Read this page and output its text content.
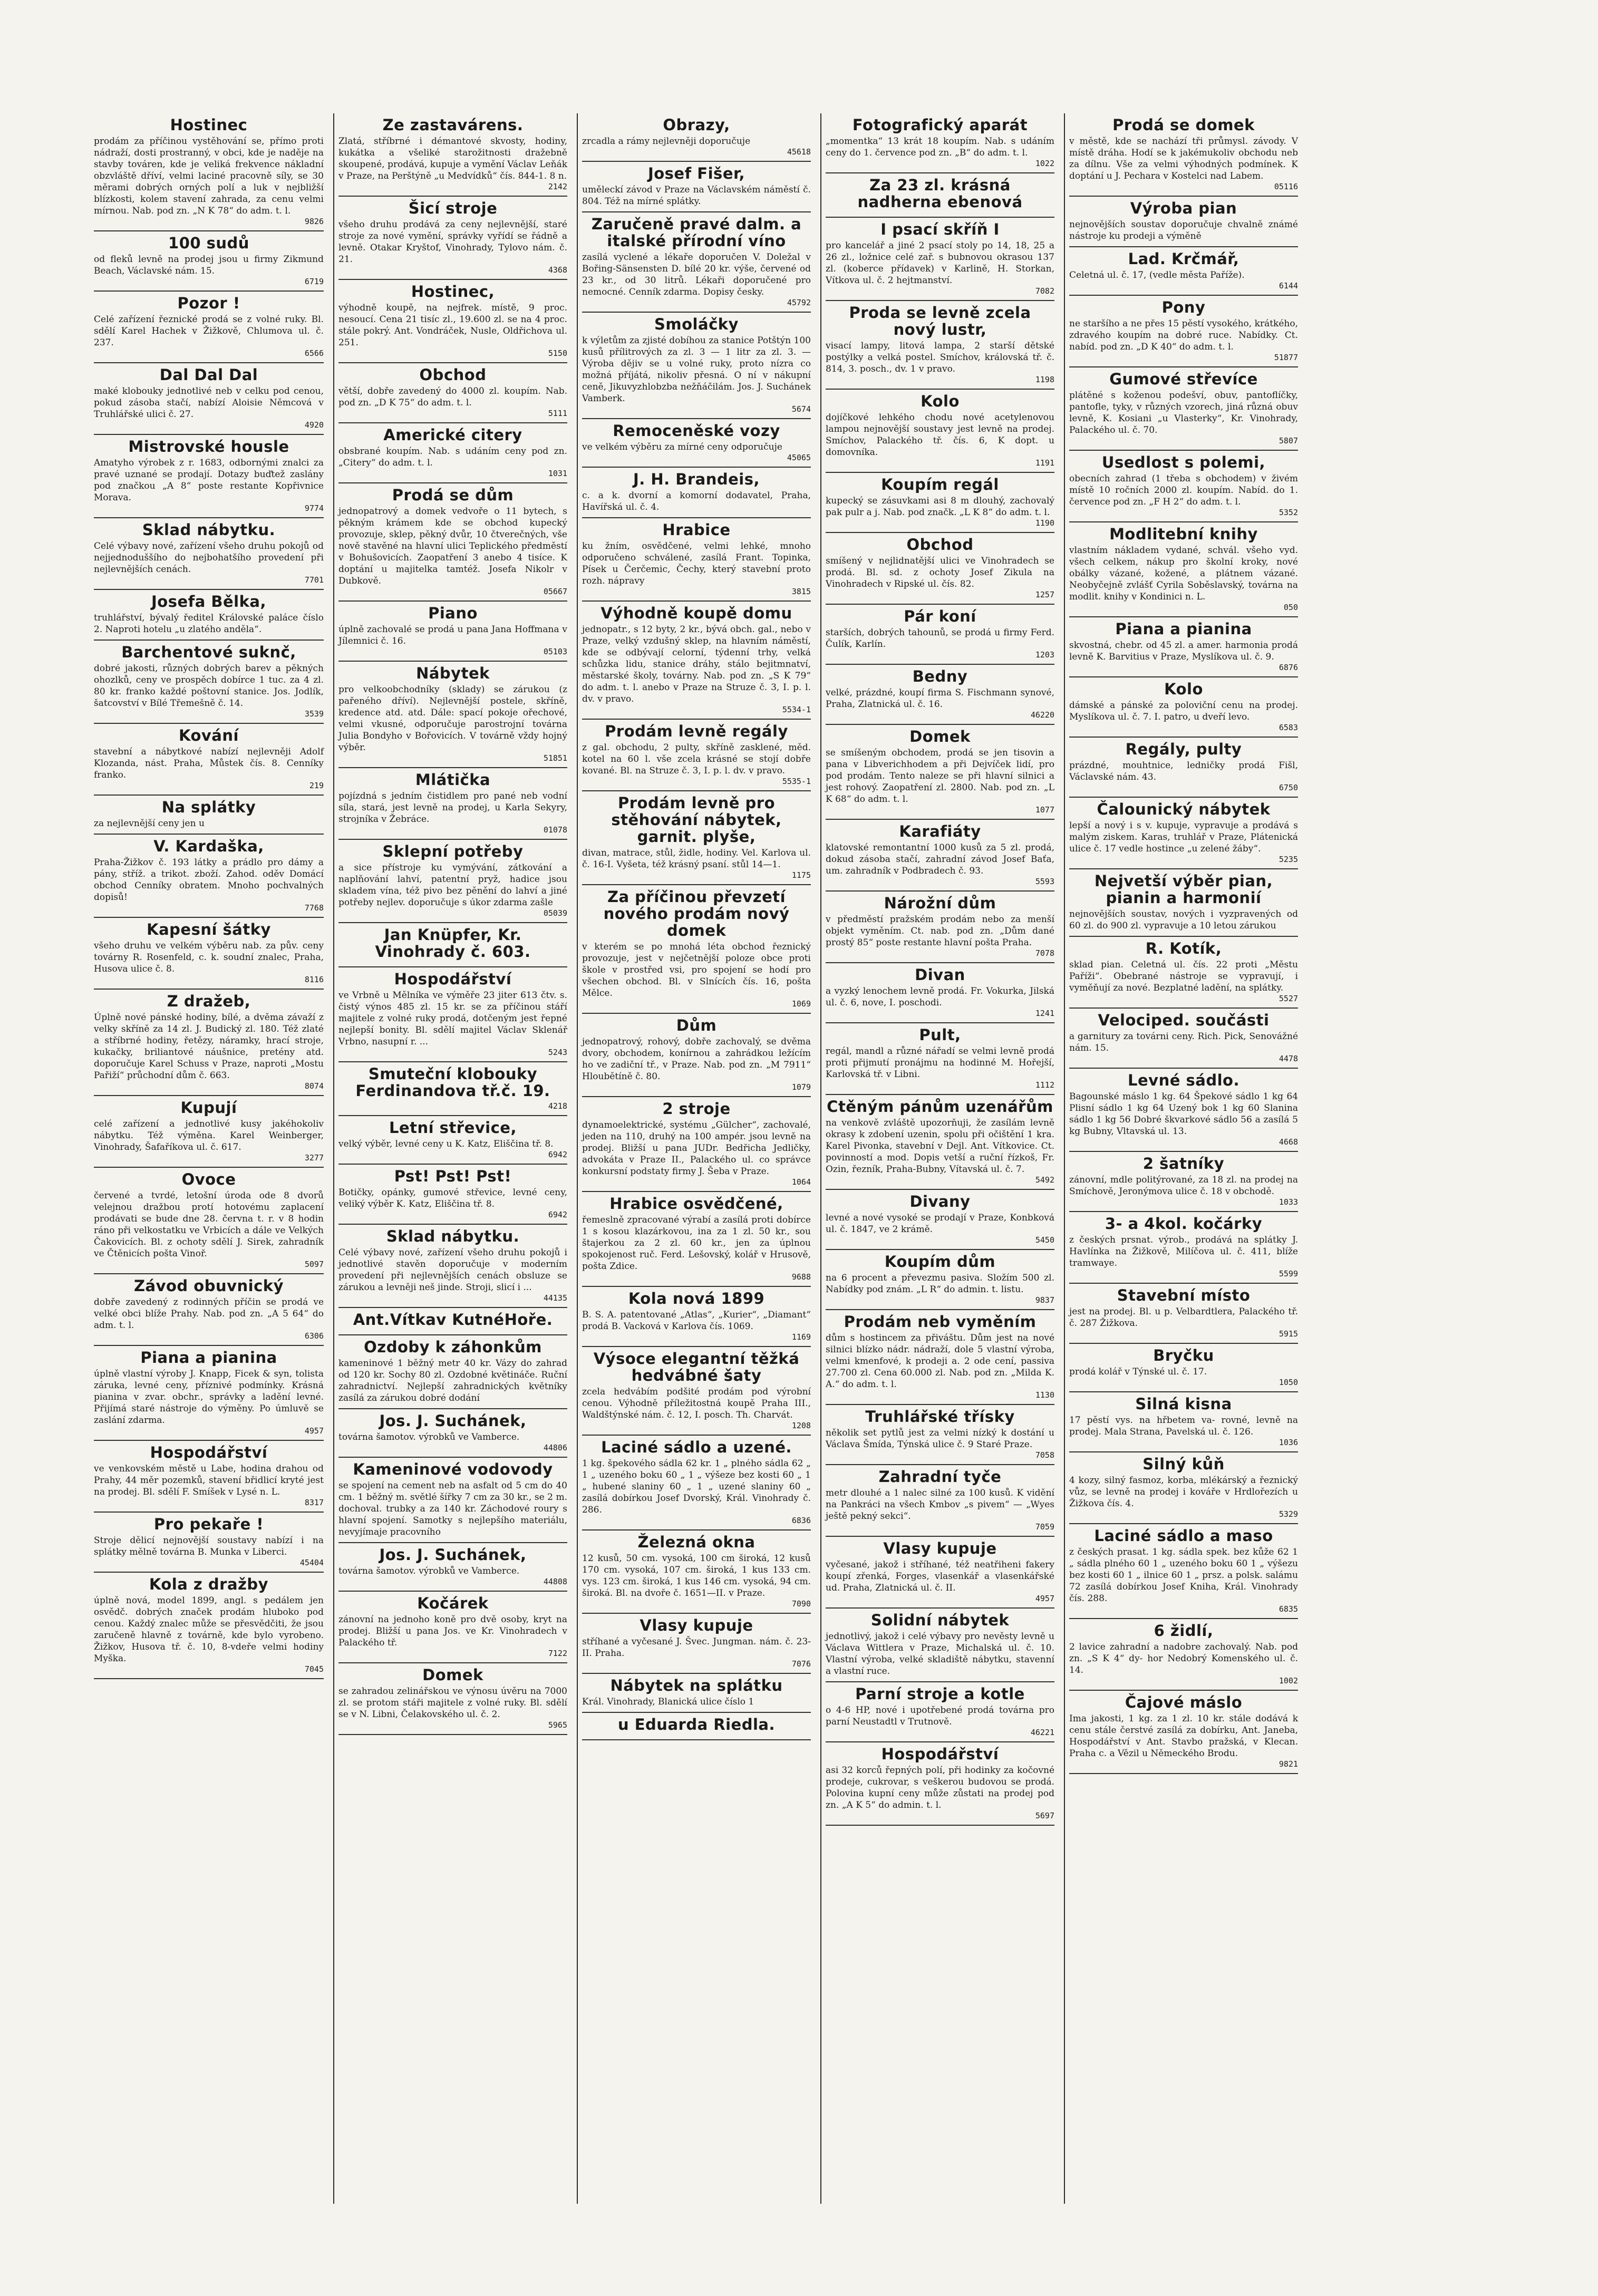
Hostinec

prodám za příčinou vystěhování se, přímo proti nádraží, dosti prostranný, v obci, kde je naděje na stavby továren, kde je veliká frekvence nákladní obzvláště dříví, velmi laciné pracovně síly, se 30 měrami dobrých orných polí a luk v nejbližší blízkosti, kolem stavení zahrada, za cenu velmi mírnou. Nab. pod zn. „N K 78“ do adm. t. l.

9826
100 sudů

od fleků levně na prodej jsou u firmy Zikmund Beach, Václavské nám. 15.

6719
Pozor !

Celé zařízení řeznické prodá se z volné ruky. Bl. sdělí Karel Hachek v Žižkově, Chlumova ul. č. 237.

6566
Dal Dal Dal

maké klobouky jednotlivé neb v celku pod cenou, pokud zásoba stačí, nabízí Aloisie Němcová v Truhlářské ulici č. 27.

4920
Mistrovské housle

Amatyho výrobek z r. 1683, odbornými znalci za pravé uznané se prodají. Dotazy buďtež zaslány pod značkou „A 8“ poste restante Kopřivnice Morava.

9774
Sklad nábytku.

Celé výbavy nové, zařízení všeho druhu pokojů od nejjednoduššího do nejbohatšího provedení při nejlevnějších cenách.

7701
Josefa Bělka,

truhlářství, bývalý ředitel Královské paláce číslo 2. Naproti hotelu „u zlatého anděla“.

Barchentové suknč,

dobré jakosti, různých dobrých barev a pěkných ohozlků, ceny ve prospěch dobírce 1 tuc. za 4 zl. 80 kr. franko každé poštovní stanice. Jos. Jodlík, šatcovství v Bílé Třemešně č. 14.

3539
Kování

stavební a nábytkové nabízí nejlevněji Adolf Klozanda, nást. Praha, Můstek čís. 8. Cenníky franko.

219
Na splátky

za nejlevnější ceny jen u

V. Kardaška,

Praha-Žižkov č. 193 látky a prádlo pro dámy a pány, stříž. a trikot. zboží. Zahod. oděv Domácí obchod Cenníky obratem. Mnoho pochvalných dopisů!

7768
Kapesní šátky

všeho druhu ve velkém výběru nab. za pův. ceny továrny R. Rosenfeld, c. k. soudní znalec, Praha, Husova ulice č. 8.

8116
Z dražeb,

Úplně nové pánské hodiny, bílé, a dvěma závaží z velky skříně za 14 zl. J. Budický zl. 180. Též zlaté a stříbrné hodiny, řetězy, náramky, hrací stroje, kukačky, briliantové náušnice, pretény atd. doporučuje Karel Schuss v Praze, naproti „Mostu Pařiží“ průchodní dům č. 663.

8074
Kupují

celé zařízení a jednotlivé kusy jakéhokoliv nábytku. Též výměna. Karel Weinberger, Vinohrady, Šafaříkova ul. č. 617.

3277
Ovoce

červené a tvrdé, letošní úroda ode 8 dvorů velejnou dražbou protí hotovému zaplacení prodávati se bude dne 28. června t. r. v 8 hodin ráno při velkostatku ve Vrbicích a dále ve Velkých Čakovicích. Bl. z ochoty sdělí J. Sirek, zahradník ve Čtěnicích pošta Vinoř.

5097
Závod obuvnický

dobře zavedený z rodinných příčin se prodá ve velké obci blíže Prahy. Nab. pod zn. „A 5 64“ do adm. t. l.

6306
Piana a pianina

úplně vlastní výroby J. Knapp, Ficek & syn, tolista záruka, levné ceny, příznivé podmínky. Krásná pianina v zvar. obchr., správky a ladění levné. Přijímá staré nástroje do výměny. Po úmluvě se zaslání zdarma.

4957
Hospodářství

ve venkovském městě u Labe, hodina drahou od Prahy, 44 měr pozemků, stavení břidlicí kryté jest na prodej. Bl. sdělí F. Smíšek v Lysé n. L.

8317
Pro pekaře !

Stroje dělicí nejnovější soustavy nabízí i na splátky mělně továrna B. Munka v Liberci.

45404
Kola z dražby

úplně nová, model 1899, angl. s pedálem jen osvědč. dobrých značek prodám hluboko pod cenou. Každý znalec může se přesvědčiti, že jsou zaručeně hlavně z továrně, kde bylo vyrobeno. Žižkov, Husova tř. č. 10, 8-vdeře velmi hodiny Myška.

7045
Ze zastavárens.

Zlatá, stříbrné i démantové skvosty, hodiny, kukátka a všeliké starožitnosti dražebně skoupené, prodává, kupuje a vymění Václav Leňák v Praze, na Perštýně „u Medvídků“ čís. 844-1. 8 n.

2142
Šicí stroje

všeho druhu prodává za ceny nejlevnější, staré stroje za nové vymění, správky vyřídí se řádně a levně. Otakar Kryštof, Vinohrady, Tylovo nám. č. 21.

4368
Hostinec,

výhodně koupě, na nejfrek. místě, 9 proc. nesoucí. Cena 21 tisíc zl., 19.600 zl. se na 4 proc. stále pokrý. Ant. Vondráček, Nusle, Oldřichova ul. 251.

5150
Obchod

větší, dobře zavedený do 4000 zl. koupím. Nab. pod zn. „D K 75“ do adm. t. l.

5111
Americké citery

obsbrané koupím. Nab. s udáním ceny pod zn. „Citery“ do adm. t. l.

1031
Prodá se dům

jednopatrový a domek vedvoře o 11 bytech, s pěkným krámem kde se obchod kupecký provozuje, sklep, pěkný dvůr, 10 čtverečných, vše nově stavěné na hlavní ulici Teplického předměstí v Bohušovicích. Zaopatření 3 anebo 4 tisíce. K doptání u majitelka tamtéž. Josefa Nikolr v Dubkově.

05667
Piano

úplně zachovalé se prodá u pana Jana Hoffmana v Jílemnici č. 16.

05103
Nábytek

pro velkoobchodníky (sklady) se zárukou (z pařeného dříví). Nejlevnější postele, skříně, kredence atd. atd. Dále: spací pokoje ořechové, velmi vkusné, odporučuje parostrojní továrna Julia Bondyho v Bořovicích. V továrně vždy hojný výběr.

51851
Mlátička

pojízdná s jedním čistidlem pro pané neb vodní síla, stará, jest levně na prodej, u Karla Sekyry, strojníka v Žebráce.

01078
Sklepní potřeby

a sice přístroje ku vymývání, zátkování a naplňování lahví, patentní pryž, hadice jsou skladem vína, též pivo bez pěnění do lahví a jiné potřeby nejlev. doporučuje s úkor zdarma zašle

05039
Jan Knüpfer, Kr. Vinohrady č. 603.
Hospodářství

ve Vrbně u Mělníka ve výměře 23 jiter 613 čtv. s. čistý výnos 485 zl. 15 kr. se za příčinou stáří majitele z volné ruky prodá, dotčeným jest řepné nejlepší bonity. Bl. sdělí majitel Václav Sklenář Vrbno, nasupní r. ...

5243
Smuteční klobouky Ferdinandova tř.č. 19.
4218
Letní střevice,

velký výběr, levné ceny u K. Katz, Eliščina tř. 8.

6942
Pst! Pst! Pst!

Botičky, opánky, gumové střevice, levné ceny, veliký výběr K. Katz, Eliščina tř. 8.

6942
Sklad nábytku.

Celé výbavy nové, zařízení všeho druhu pokojů i jednotlivé stavěn doporučuje v moderním provedení při nejlevnějších cenách obsluze se zárukou a levněji neš jinde. Stroji, slicí i ...

44135
Ant.Vítkav KutnéHoře.
Ozdoby k záhonkům

kameninové 1 běžný metr 40 kr. Vázy do zahrad od 120 kr. Sochy 80 zl. Ozdobné květináče. Ruční zahradnictví. Nejlepší zahradnických květníky zasílá za zárukou dobré dodání

Jos. J. Suchánek,

továrna šamotov. výrobků ve Vamberce.

44806
Kameninové vodovody

se spojení na cement neb na asfalt od 5 cm do 40 cm. 1 běžný m. světlé šířky 7 cm za 30 kr., se 2 m. dochoval. trubky a za 140 kr. Záchodové roury s hlavní spojení. Samotky s nejlepšího materiálu, nevyjímaje pracovního

Jos. J. Suchánek,

továrna šamotov. výrobků ve Vamberce.

44808
Kočárek

zánovní na jednoho koně pro dvě osoby, kryt na prodej. Bližší u pana Jos. ve Kr. Vinohradech v Palackého tř.

7122
Domek

se zahradou zelinářskou ve výnosu úvěru na 7000 zl. se protom stáři majitele z volné ruky. Bl. sdělí se v N. Libni, Čelakovského ul. č. 2.

5965
Obrazy,

zrcadla a rámy nejlevněji doporučuje

45618
Josef Fišer,

uměleckí závod v Praze na Václavském náměstí č. 804. Též na mírné splátky.

Zaručeně pravé dalm. a italské přírodní víno

zasílá vyclené a lékaře doporučen V. Doležal v Bořing-Sänsensten D. bílé 20 kr. výše, červené od 23 kr., od 30 litrů. Lékaři doporučené pro nemocné. Cenník zdarma. Dopisy česky.

45792
Smoláčky

k výletům za zjisté dobíhou za stanice Potštýn 100 kusů přílitrových za zl. 3 — 1 litr za zl. 3. — Výroba dějiv se u volné ruky, proto nízra co možná příjátá, nikoliv přesná. O ní v nákupní ceně, Jikuvyzhlobzba nežňáčilám. Jos. J. Suchánek Vamberk.

5674
Remoceněské vozy

ve velkém výběru za mírné ceny odporučuje

45065
J. H. Brandeis,

c. a k. dvorní a komorní dodavatel, Praha, Havířská ul. č. 4.

Hrabice

ku žním, osvědčené, velmi lehké, mnoho odporučeno schválené, zasílá Frant. Topinka, Písek u Čerčemic, Čechy, který stavební proto rozh. nápravy

3815
Výhodně koupě domu

jednopatr., s 12 byty, 2 kr., bývá obch. gal., nebo v Praze, velký vzdušný sklep, na hlavním náměstí, kde se odbývají celorní, týdenní trhy, velká schůzka lidu, stanice dráhy, stálo bejitmnatví, městarské školy, továrny. Nab. pod zn. „S K 79“ do adm. t. l. anebo v Praze na Struze č. 3, I. p. l. dv. v pravo.

5534-1
Prodám levně regály

z gal. obchodu, 2 pulty, skříně zasklené, měd. kotel na 60 l. vše zcela krásné se stojí dobře kované. Bl. na Struze č. 3, I. p. l. dv. v pravo.

5535-1
Prodám levně pro stěhování nábytek, garnit. plyše,

divan, matrace, stůl, židle, hodiny. Vel. Karlova ul. č. 16-I. Vyšeta, též krásný psaní. stůl 14—1.

1175
Za příčinou převzetí nového prodám nový domek

v kterém se po mnohá léta obchod řeznický provozuje, jest v nejčetnější poloze obce proti škole v prostřed vsi, pro spojení se hodí pro všechen obchod. Bl. v Slnících čís. 16, pošta Mělce.

1069
Dům

jednopatrový, rohový, dobře zachovalý, se dvěma dvory, obchodem, konírnou a zahrádkou ležícím ho ve zadiční tř., v Praze. Nab. pod zn. „M 7911“ Hloubětíně č. 80.

1079
2 stroje

dynamoelektrické, systému „Gülcher“, zachovalé, jeden na 110, druhý na 100 ampér. jsou levně na prodej. Bližší u pana JUDr. Bedřicha Jedličky, advokáta v Praze II., Palackého ul. co správce konkursní podstaty firmy J. Šeba v Praze.

1064
Hrabice osvědčené,

řemeslně zpracované výrabí a zasílá proti dobírce 1 s kosou klazárkovou, ina za 1 zl. 50 kr., sou štajerkou za 2 zl. 60 kr., jen za úplnou spokojenost ruč. Ferd. Lešovský, kolář v Hrusově, pošta Zdice.

9688
Kola nová 1899

B. S. A. patentované „Atlas“, „Kurier“, „Diamant“ prodá B. Vacková v Karlova čís. 1069.

1169
Výsoce elegantní těžká hedvábné šaty

zcela hedvábím podšité prodám pod výrobní cenou. Výhodně příležitostná koupě Praha III., Waldštýnské nám. č. 12, I. posch. Th. Charvát.

1208
Laciné sádlo a uzené.

1 kg. špekového sádla 62 kr. 1 „ plného sádla 62 „ 1 „ uzeného boku 60 „ 1 „ výšeze bez kosti 60 „ 1 „ hubené slaniny 60 „ 1 „ uzené slaniny 60 „ zasílá dobírkou Josef Dvorský, Král. Vinohrady č. 286.

6836
Železná okna

12 kusů, 50 cm. vysoká, 100 cm široká, 12 kusů 170 cm. vysoká, 107 cm. široká, 1 kus 133 cm. vys. 123 cm. široká, 1 kus 146 cm. vysoká, 94 cm. široká. Bl. na dvoře č. 1651—II. v Praze.

7090
Vlasy kupuje

stříhané a vyčesané J. Švec. Jungman. nám. č. 23-II. Praha.

7076
Nábytek na splátku

Král. Vinohrady, Blanická ulice číslo 1

u Eduarda Riedla.
Fotografický aparát

„momentka“ 13 krát 18 koupím. Nab. s udáním ceny do 1. července pod zn. „B“ do adm. t. l.

1022
Za 23 zl. krásná nadherna ebenová
I psací skříň I

pro kancelář a jiné 2 psací stoly po 14, 18, 25 a 26 zl., ložnice celé zař. s bubnovou okrasou 137 zl. (koberce přídavek) v Karlině, H. Storkan, Vítkova ul. č. 2 hejtmanství.

7082
Proda se levně zcela nový lustr,

visací lampy, litová lampa, 2 starší dětské postýlky a velká postel. Smíchov, královská tř. č. 814, 3. posch., dv. 1 v pravo.

1198
Kolo

dojíčkové lehkého chodu nové acetylenovou lampou nejnovější soustavy jest levně na prodej. Smíchov, Palackého tř. čís. 6, K dopt. u domovníka.

1191
Koupím regál

kupecký se zásuvkami asi 8 m dlouhý, zachovalý pak pulr a j. Nab. pod značk. „L K 8“ do adm. t. l.

1190
Obchod

smíšený v nejlidnatější ulici ve Vinohradech se prodá. Bl. sd. z ochoty Josef Zikula na Vinohradech v Ripské ul. čís. 82.

1257
Pár koní

starších, dobrých tahounů, se prodá u firmy Ferd. Čulík, Karlín.

1203
Bedny

velké, prázdné, koupí firma S. Fischmann synové, Praha, Zlatnická ul. č. 16.

46220
Domek

se smíšeným obchodem, prodá se jen tisovin a pana v Libverichhodem a při Dejvíček lidí, pro pod prodám. Tento naleze se při hlavní silnici a jest rohový. Zaopatření zl. 2800. Nab. pod zn. „L K 68“ do adm. t. l.

1077
Karafiáty

klatovské remontantní 1000 kusů za 5 zl. prodá, dokud zásoba stačí, zahradní závod Josef Baťa, um. zahradník v Podbradech č. 93.

5593
Nárožní dům

v předměstí pražském prodám nebo za menší objekt vyměním. Ct. nab. pod zn. „Dům dané prostý 85“ poste restante hlavní pošta Praha.

7078
Divan

a vyzký lenochem levně prodá. Fr. Vokurka, Jilská ul. č. 6, nove, I. poschodi.

1241
Pult,

regál, mandl a různé nářadí se velmi levně prodá proti přijmutí pronájmu na hodinné M. Hořejší, Karlovská tř. v Libni.

1112
Ctěným pánům uzenářům

na venkově zvláště upozorňuji, že zasílám levně okrasy k zdobení uzenin, spolu při očištění 1 kra. Karel Pivonka, stavební v Dejl. Ant. Vítkovice. Ct. povinností a mod. Dopis vetší a ruční řízkoš, Fr. Ozin, řezník, Praha-Bubny, Vítavská ul. č. 7.

5492
Divany

levné a nové vysoké se prodají v Praze, Konbková ul. č. 1847, ve 2 krámě.

5450
Koupím dům

na 6 procent a převezmu pasiva. Složím 500 zl. Nabídky pod znám. „L R“ do admin. t. listu.

9837
Prodám neb vyměním

dům s hostincem za přiváštu. Dům jest na nové silnici blízko nádr. nádraží, dole 5 vlastní výroba, velmi kmenfové, k prodeji a. 2 ode cení, passiva 27.700 zl. Cena 60.000 zl. Nab. pod zn. „Milda K. A.“ do adm. t. l.

1130
Truhlářské třísky

několik set pytlů jest za velmi nízký k dostání u Václava Šmída, Týnská ulice č. 9 Staré Praze.

7058
Zahradní tyče

metr dlouhé a 1 nalec silné za 100 kusů. K vidění na Pankráci na všech Kmbov „s pivem“ — „Wyes ještě pekný sekci“.

7059
Vlasy kupuje

vyčesané, jakož i stříhané, též neatřiheni fakery koupí zřenká, Forges, vlasenkář a vlasenkářské ud. Praha, Zlatnická ul. č. II.

4957
Solidní nábytek

jednotlivý, jakož i celé výbavy pro nevěsty levně u Václava Wittlera v Praze, Michalská ul. č. 10. Vlastní výroba, velké skladiště nábytku, stavenní a vlastní ruce.

Parní stroje a kotle

o 4-6 HP, nové i upotřebené prodá továrna pro parní Neustadtl v Trutnově.

46221
Hospodářství

asi 32 korců řepných polí, při hodinky za kočovné prodeje, cukrovar, s veškerou budovou se prodá. Polovina kupní ceny může zůstati na prodej pod zn. „A K 5“ do admin. t. l.

5697
Prodá se domek

v městě, kde se nachází tři průmysl. závody. V místě dráha. Hodí se k jakémukoliv obchodu neb za dílnu. Vše za velmi výhodných podmínek. K doptání u J. Pechara v Kostelci nad Labem.

05116
Výroba pian

nejnovějších soustav doporučuje chvalně známé nástroje ku prodeji a výměně

Lad. Krčmář,

Celetná ul. č. 17, (vedle města Paříže).

6144
Pony

ne staršího a ne přes 15 pěstí vysokého, krátkého, zdravého koupím na dobré ruce. Nabídky. Ct. nabíd. pod zn. „D K 40“ do adm. t. l.

51877
Gumové střevíce

plátěné s koženou podešví, obuv, pantoflíčky, pantofle, tyky, v různých vzorech, jiná různá obuv levně, K. Kosiani „u Vlasterky“, Kr. Vinohrady, Palackého ul. č. 70.

5807
Usedlost s polemi,

obecních zahrad (1 třeba s obchodem) v živém místě 10 ročních 2000 zl. koupím. Nabíd. do 1. července pod zn. „F H 2“ do adm. t. l.

5352
Modlitební knihy

vlastním nákladem vydané, schvál. všeho vyd. všech celkem, nákup pro školní kroky, nové obálky vázané, kožené, a plátnem vázané. Neobyčejně zvlášť Cyrila Soběslavský, továrna na modlit. knihy v Kondinici n. L.

050
Piana a pianina

skvostná, chebr. od 45 zl. a amer. harmonia prodá levně K. Barvitius v Praze, Myslíkova ul. č. 9.

6876
Kolo

dámské a pánské za poloviční cenu na prodej. Myslíkova ul. č. 7. I. patro, u dveří levo.

6583
Regály, pulty

prázdné, mouhtnice, ledničky prodá Fišl, Václavské nám. 43.

6750
Čalounický nábytek

lepší a nový i s v. kupuje, vypravuje a prodává s malým ziskem. Karas, truhlář v Praze, Plátenická ulice č. 17 vedle hostince „u zelené žáby“.

5235
Nejvetší výběr pian, pianin a harmonií

nejnovějších soustav, nových i vyzpravených od 60 zl. do 900 zl. vypravuje a 10 letou zárukou

R. Kotík,

sklad pian. Celetná ul. čís. 22 proti „Městu Paříži“. Obebrané nástroje se vypravují, i vyměňují za nové. Bezplatné ladění, na splátky.

5527
Velociped. součásti

a garnitury za továrni ceny. Rich. Pick, Senovážné nám. 15.

4478
Levné sádlo.

Bagounské máslo 1 kg. 64 Špekové sádlo 1 kg 64 Plisní sádlo 1 kg 64 Uzený bok 1 kg 60 Slanina sádlo 1 kg 56 Dobré škvarkové sádlo 56 a zasílá 5 kg Bubny, Vltavská ul. 13.

4668
2 šatníky

zánovní, mdle politýrované, za 18 zl. na prodej na Smíchově, Jeronýmova ulice č. 18 v obchodě.

1033
3- a 4kol. kočárky

z českých prsnat. výrob., prodává na splátky J. Havlínka na Žižkově, Milíčova ul. č. 411, blíže tramwaye.

5599
Stavební místo

jest na prodej. Bl. u p. Velbardtlera, Palackého tř. č. 287 Žižkova.

5915
Bryčku

prodá kolář v Týnské ul. č. 17.

1050
Silná kisna

17 pěstí vys. na hřbetem va- rovné, levně na prodej. Mala Strana, Pavelská ul. č. 126.

1036
Silný kůň

4 kozy, silný fasmoz, korba, mlékárský a řeznický vůz, se levně na prodej i kováře v Hrdlořezích u Žižkova čís. 4.

5329
Laciné sádlo a maso

z českých prasat. 1 kg. sádla spek. bez kůže 62 1 „ sádla plného 60 1 „ uzeného boku 60 1 „ výšezu bez kosti 60 1 „ ilnice 60 1 „ prsz. a polsk. salámu 72 zasílá dobírkou Josef Kniha, Král. Vinohrady čís. 288.

6835
6 židlí,

2 lavice zahradní a nadobre zachovalý. Nab. pod zn. „S K 4“ dy- hor Nedobrý Komenského ul. č. 14.

1002
Čajové máslo

Ima jakosti, 1 kg. za 1 zl. 10 kr. stále dodává k cenu stále čerstvé zasílá za dobírku, Ant. Janeba, Hospodářství v Ant. Stavbo pražská, v Klecan. Praha c. a Vězil u Německého Brodu.

9821
